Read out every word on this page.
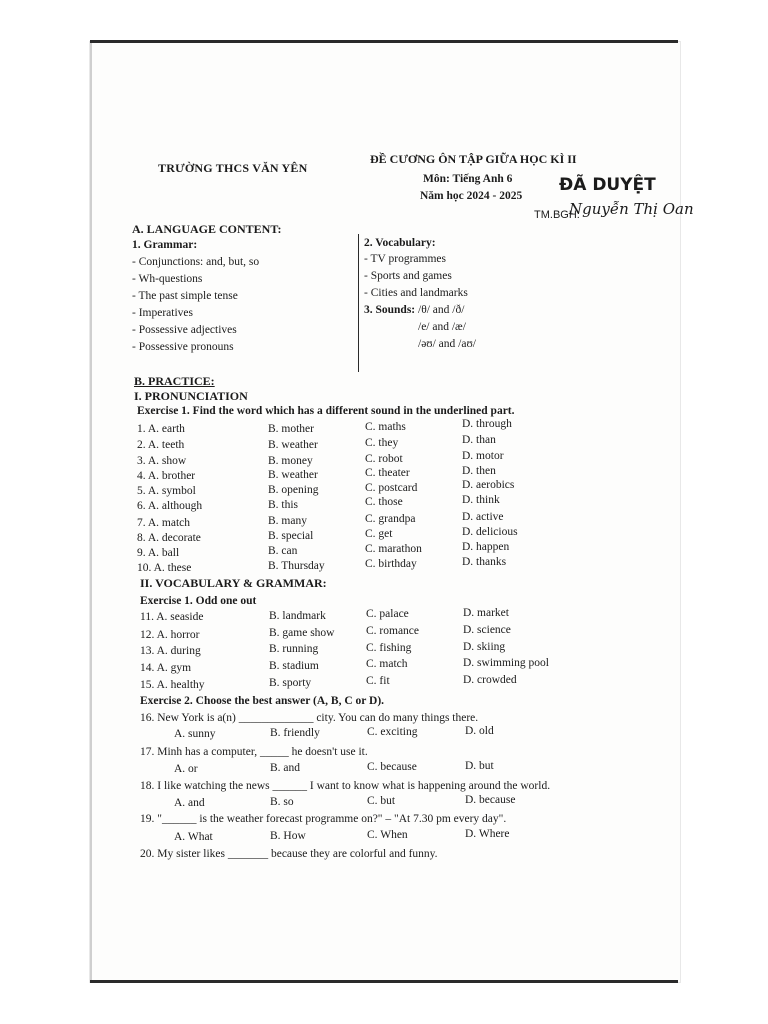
TRƯỜNG THCS VĂN YÊN
ĐỀ CƯƠNG ÔN TẬP GIỮA HỌC KÌ II
Môn: Tiếng Anh 6
Năm học 2024 - 2025
ĐÃ DUYỆT
TM.BGH:
Nguyễn Thị Oan
A. LANGUAGE CONTENT:
1. Grammar:
- Conjunctions: and, but, so
- Wh-questions
- The past simple tense
- Imperatives
- Possessive adjectives
- Possessive pronouns
2. Vocabulary:
- TV programmes
- Sports and games
- Cities and landmarks
3. Sounds: /θ/ and /ð/
/e/ and /æ/
/əʊ/ and /aʊ/
B. PRACTICE:
I. PRONUNCIATION
Exercise 1. Find the word which has a different sound in the underlined part.
1. A. earth	B. mother	C. maths	D. through
2. A. teeth	B. weather	C. they	D. than
3. A. show	B. money	C. robot	D. motor
4. A. brother	B. weather	C. theater	D. then
5. A. symbol	B. opening	C. postcard	D. aerobics
6. A. although	B. this	C. those	D. think
7. A. match	B. many	C. grandpa	D. active
8. A. decorate	B. special	C. get	D. delicious
9. A. ball	B. can	C. marathon	D. happen
10. A. these	B. Thursday	C. birthday	D. thanks
II. VOCABULARY & GRAMMAR:
Exercise 1. Odd one out
11. A. seaside	B. landmark	C. palace	D. market
12. A. horror	B. game show	C. romance	D. science
13. A. during	B. running	C. fishing	D. skiing
14. A. gym	B. stadium	C. match	D. swimming pool
15. A. healthy	B. sporty	C. fit	D. crowded
Exercise 2. Choose the best answer (A, B, C or D).
16. New York is a(n) _____________ city. You can do many things there.
A. sunny	B. friendly	C. exciting	D. old
17. Minh has a computer, _____ he doesn't use it.
A. or	B. and	C. because	D. but
18. I like watching the news ______ I want to know what is happening around the world.
A. and	B. so	C. but	D. because
19. "______ is the weather forecast programme on?" – "At 7.30 pm every day".
A. What	B. How	C. When	D. Where
20. My sister likes _______ because they are colorful and funny.
